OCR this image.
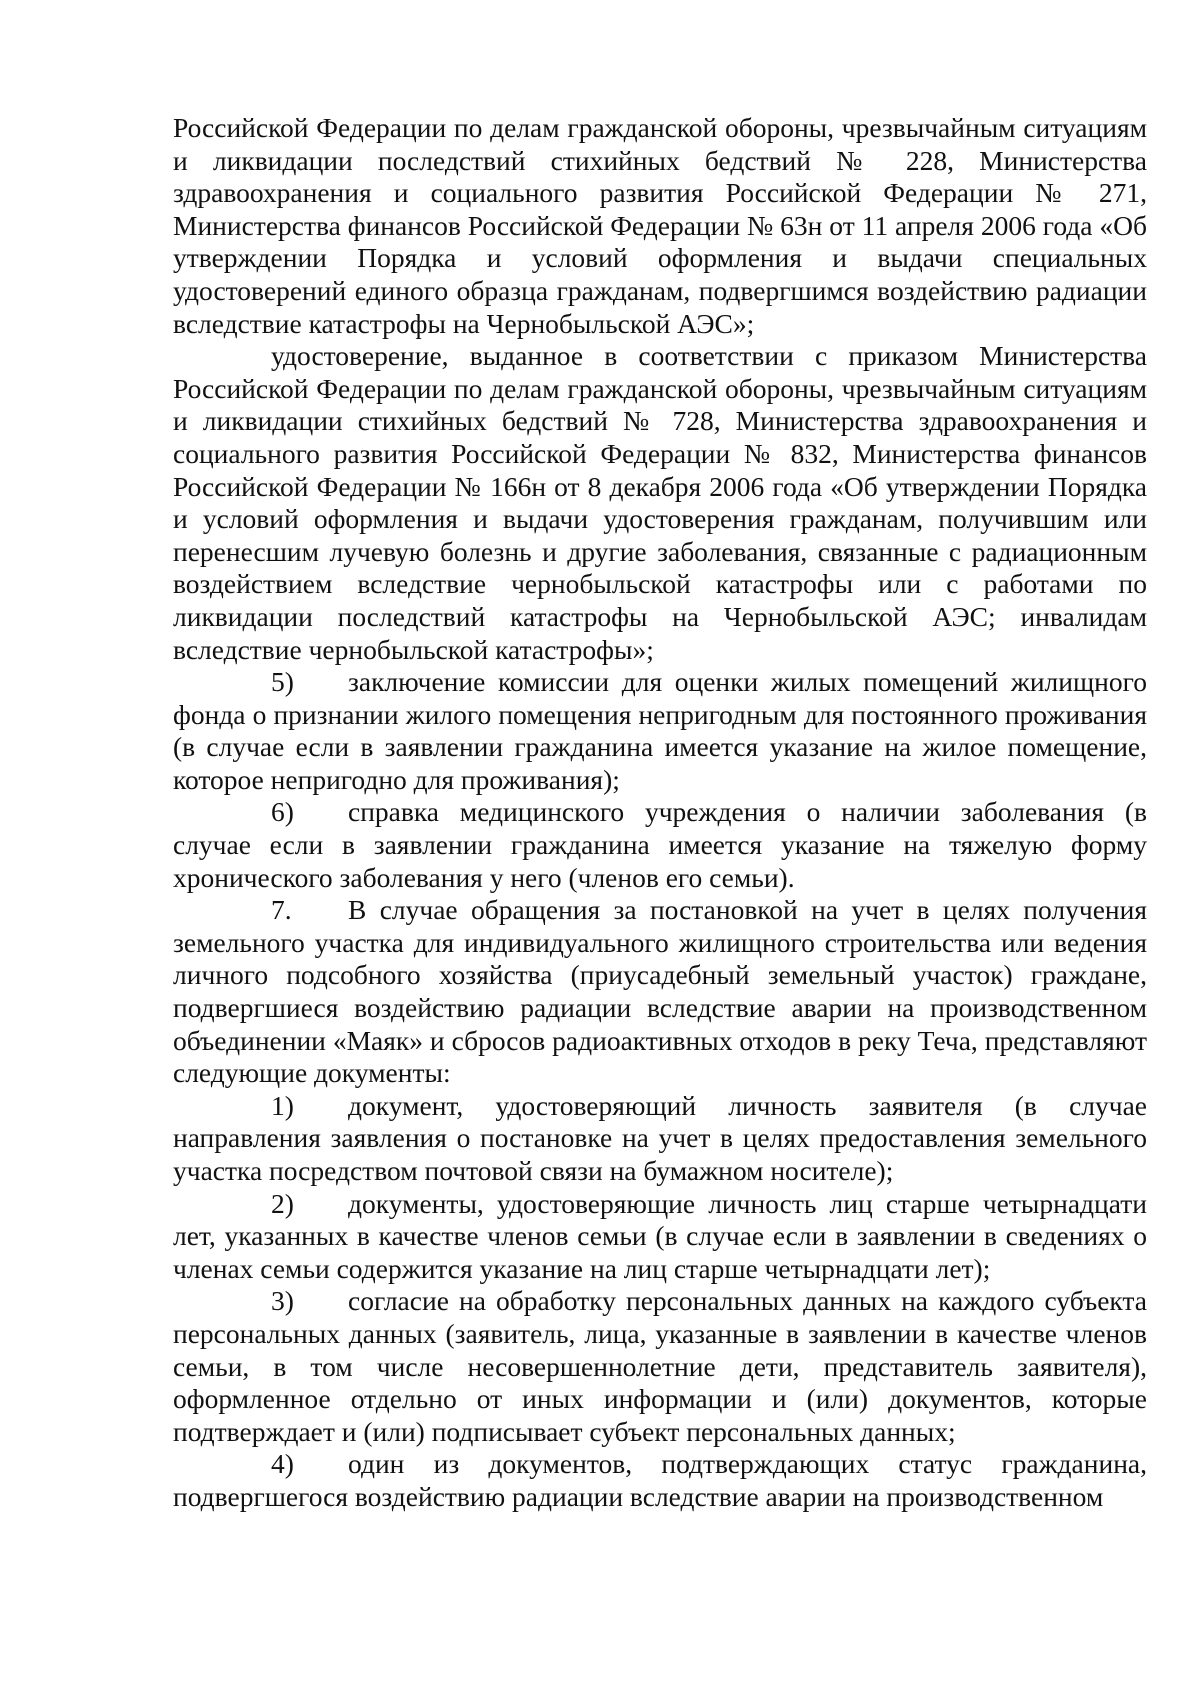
Российской Федерации по делам гражданской обороны, чрезвычайным ситуациям и ликвидации последствий стихийных бедствий № 228, Министерства здравоохранения и социального развития Российской Федерации № 271, Министерства финансов Российской Федерации № 63н от 11 апреля 2006 года «Об утверждении Порядка и условий оформления и выдачи специальных удостоверений единого образца гражданам, подвергшимся воздействию радиации вследствие катастрофы на Чернобыльской АЭС»;

удостоверение, выданное в соответствии с приказом Министерства Российской Федерации по делам гражданской обороны, чрезвычайным ситуациям и ликвидации стихийных бедствий № 728, Министерства здравоохранения и социального развития Российской Федерации № 832, Министерства финансов Российской Федерации № 166н от 8 декабря 2006 года «Об утверждении Порядка и условий оформления и выдачи удостоверения гражданам, получившим или перенесшим лучевую болезнь и другие заболевания, связанные с радиационным воздействием вследствие чернобыльской катастрофы или с работами по ликвидации последствий катастрофы на Чернобыльской АЭС; инвалидам вследствие чернобыльской катастрофы»;

5) заключение комиссии для оценки жилых помещений жилищного фонда о признании жилого помещения непригодным для постоянного проживания (в случае если в заявлении гражданина имеется указание на жилое помещение, которое непригодно для проживания);

6) справка медицинского учреждения о наличии заболевания (в случае если в заявлении гражданина имеется указание на тяжелую форму хронического заболевания у него (членов его семьи).

7. В случае обращения за постановкой на учет в целях получения земельного участка для индивидуального жилищного строительства или ведения личного подсобного хозяйства (приусадебный земельный участок) граждане, подвергшиеся воздействию радиации вследствие аварии на производственном объединении «Маяк» и сбросов радиоактивных отходов в реку Теча, представляют следующие документы:

1) документ, удостоверяющий личность заявителя (в случае направления заявления о постановке на учет в целях предоставления земельного участка посредством почтовой связи на бумажном носителе);

2) документы, удостоверяющие личность лиц старше четырнадцати лет, указанных в качестве членов семьи (в случае если в заявлении в сведениях о членах семьи содержится указание на лиц старше четырнадцати лет);

3) согласие на обработку персональных данных на каждого субъекта персональных данных (заявитель, лица, указанные в заявлении в качестве членов семьи, в том числе несовершеннолетние дети, представитель заявителя), оформленное отдельно от иных информации и (или) документов, которые подтверждает и (или) подписывает субъект персональных данных;

4) один из документов, подтверждающих статус гражданина, подвергшегося воздействию радиации вследствие аварии на производственном
